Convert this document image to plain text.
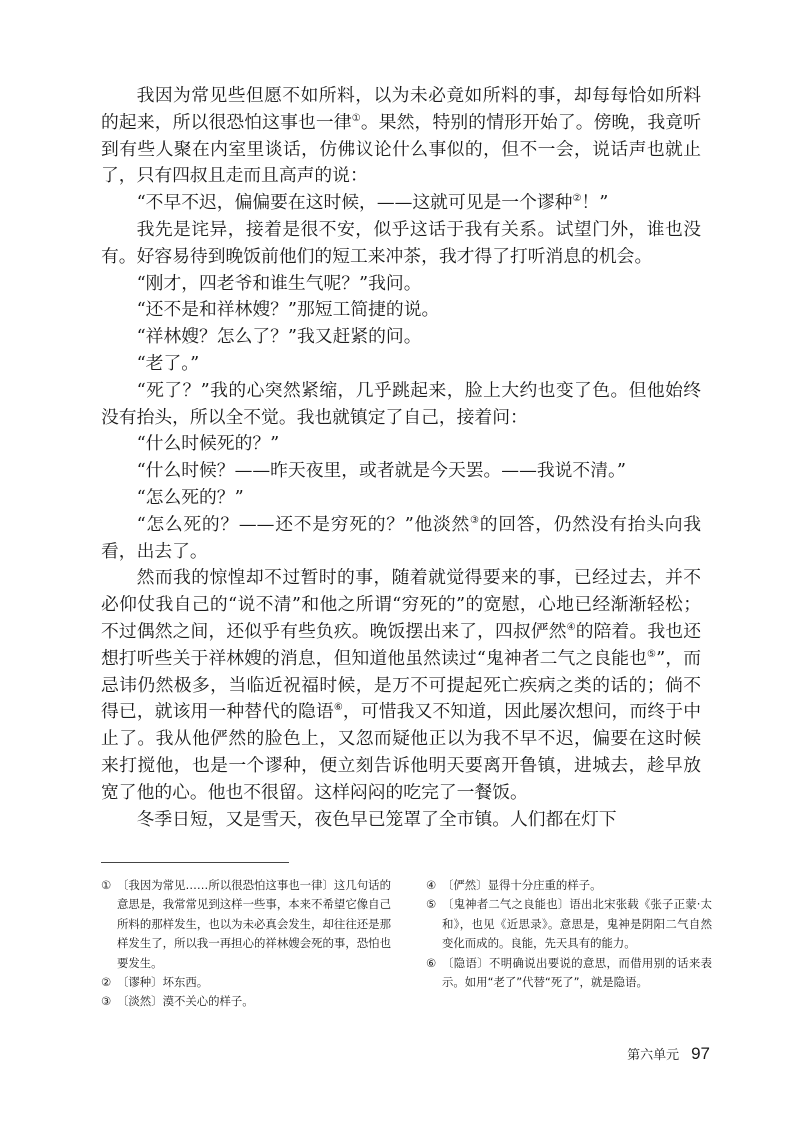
我因为常见些但愿不如所料，以为未必竟如所料的事，却每每恰如所料的起来，所以很恐怕这事也一律①。果然，特别的情形开始了。傍晚，我竟听到有些人聚在内室里谈话，仿佛议论什么事似的，但不一会，说话声也就止了，只有四叔且走而且高声的说：

“不早不迟，偏偏要在这时候，——这就可见是一个谬种②！”

我先是诧异，接着是很不安，似乎这话于我有关系。试望门外，谁也没有。好容易待到晚饭前他们的短工来冲茶，我才得了打听消息的机会。

“刚才，四老爷和谁生气呢？”我问。

“还不是和祥林嫂？”那短工简捷的说。

“祥林嫂？怎么了？”我又赶紧的问。

“老了。”

“死了？”我的心突然紧缩，几乎跳起来，脸上大约也变了色。但他始终没有抬头，所以全不觉。我也就镇定了自己，接着问：

“什么时候死的？”

“什么时候？——昨天夜里，或者就是今天罢。——我说不清。”

“怎么死的？”

“怎么死的？——还不是穷死的？”他淡然③的回答，仍然没有抬头向我看，出去了。

然而我的惊惶却不过暂时的事，随着就觉得要来的事，已经过去，并不必仰仗我自己的“说不清”和他之所谓“穷死的”的宽慰，心地已经渐渐轻松；不过偶然之间，还似乎有些负疚。晚饭摆出来了，四叔俨然④的陪着。我也还想打听些关于祥林嫂的消息，但知道他虽然读过“鬼神者二气之良能也⑤”，而忌讳仍然极多，当临近祝福时候，是万不可提起死亡疾病之类的话的；倘不得已，就该用一种替代的隐语⑥，可惜我又不知道，因此屡次想问，而终于中止了。我从他俨然的脸色上，又忽而疑他正以为我不早不迟，偏要在这时候来打搅他，也是一个谬种，便立刻告诉他明天要离开鲁镇，进城去，趁早放宽了他的心。他也不很留。这样闷闷的吃完了一餐饭。

冬季日短，又是雪天，夜色早已笼罩了全市镇。人们都在灯下

① 〔我因为常见……所以很恐怕这事也一律〕这几句话的意思是，我常常见到这样一些事，本来不希望它像自己所料的那样发生，也以为未必真会发生，却往往还是那样发生了，所以我一再担心的祥林嫂会死的事，恐怕也要发生。
② 〔谬种〕坏东西。
③ 〔淡然〕漠不关心的样子。
④ 〔俨然〕显得十分庄重的样子。
⑤ 〔鬼神者二气之良能也〕语出北宋张载《张子正蒙·太和》，也见《近思录》。意思是，鬼神是阴阳二气自然变化而成的。良能，先天具有的能力。
⑥ 〔隐语〕不明确说出要说的意思，而借用别的话来表示。如用“老了”代替“死了”，就是隐语。
第六单元 97
